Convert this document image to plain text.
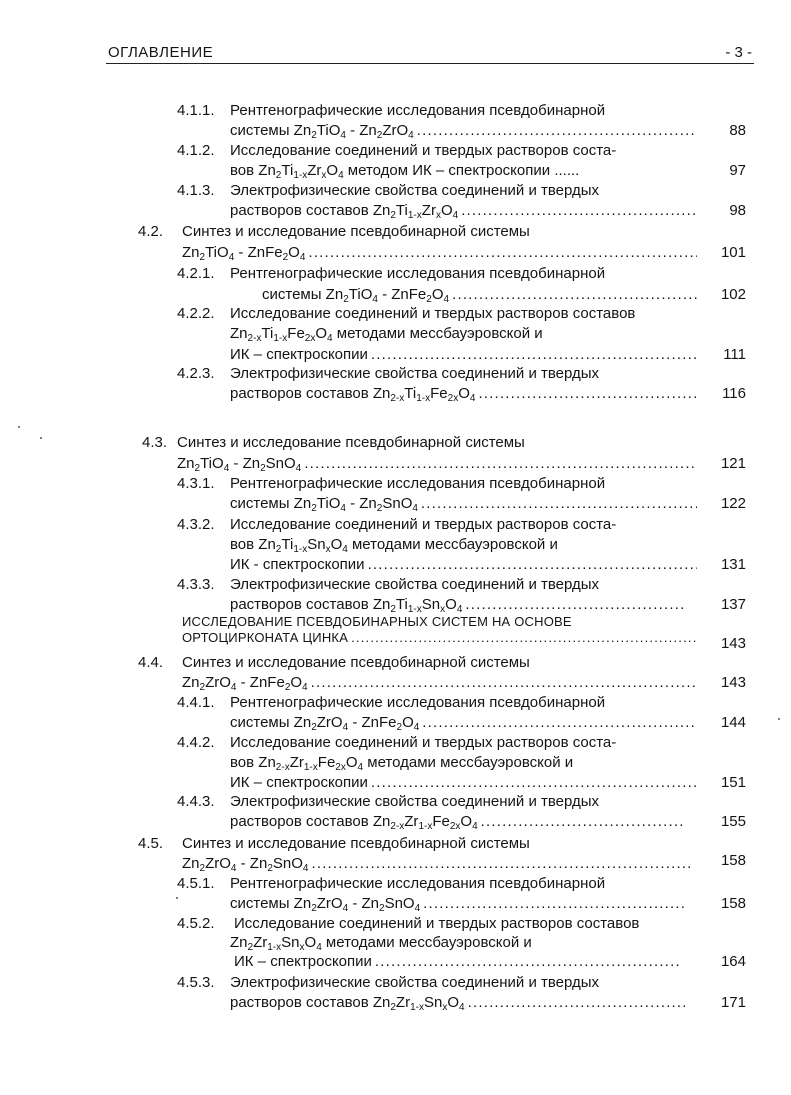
ОГЛАВЛЕНИЕ	- 3 -
4.1.1. Рентгенографические исследования псевдобинарной
системы $Zn_2TiO_4 - Zn_2ZrO_4$ .....	88
4.1.2. Исследование соединений и твердых растворов соста-
вов $Zn_2Ti_{1-x}Zr_xO_4$ методом ИК – спектроскопии ......	97
4.1.3. Электрофизические свойства соединений и твердых
растворов составов $Zn_2Ti_{1-x}Zr_xO_4$ .....	98
4.2. Синтез и исследование псевдобинарной системы
$Zn_2TiO_4$ - $ZnFe_2O_4$ .....	101
4.2.1. Рентгенографические исследования псевдобинарной
системы $Zn_2TiO_4$ - $ZnFe_2O_4$ .....	102
4.2.2. Исследование соединений и твердых растворов составов
$Zn_{2-x}Ti_{1-x}Fe_{2x}O_4$ методами мессбауэровской и
ИК – спектроскопии .....	111
4.2.3. Электрофизические свойства соединений и твердых
растворов составов $Zn_{2-x}Ti_{1-x}Fe_{2x}O_4$ .....	116
4.3. Синтез и исследование псевдобинарной системы
$Zn_2TiO_4 - Zn_2SnO_4$ .....	121
4.3.1. Рентгенографические исследования псевдобинарной
системы $Zn_2TiO_4 - Zn_2SnO_4$ .....	122
4.3.2. Исследование соединений и твердых растворов соста-
вов $Zn_2Ti_{1-x}Sn_xO_4$ методами мессбауэровской и
ИК - спектроскопии .....	131
4.3.3. Электрофизические свойства соединений и твердых
растворов составов $Zn_2Ti_{1-x}Sn_xO_4$ .....	137
ИССЛЕДОВАНИЕ ПСЕВДОБИНАРНЫХ СИСТЕМ НА ОСНОВЕ
ОРТОЦИРКОНАТА ЦИНКА .....	143
4.4. Синтез и исследование псевдобинарной системы
$Zn_2ZrO_4$ - $ZnFe_2O_4$ .....	143
4.4.1. Рентгенографические исследования псевдобинарной
системы $Zn_2ZrO_4$ - $ZnFe_2O_4$ .....	144
4.4.2. Исследование соединений и твердых растворов соста-
вов $Zn_{2-x}Zr_{1-x}Fe_{2x}O_4$ методами мессбауэровской и
ИК – спектроскопии .....	151
4.4.3. Электрофизические свойства соединений и твердых
растворов составов $Zn_{2-x}Zr_{1-x}Fe_{2x}O_4$ .....	155
4.5. Синтез и исследование псевдобинарной системы
$Zn_2ZrO_4 - Zn_2SnO_4$ .....	158
4.5.1. Рентгенографические исследования псевдобинарной
системы $Zn_2ZrO_4 - Zn_2SnO_4$ .....	158
4.5.2. Исследование соединений и твердых растворов составов
$Zn_2Zr_{1-x}Sn_xO_4$ методами мессбауэровской и
ИК – спектроскопии .....	164
4.5.3. Электрофизические свойства соединений и твердых
растворов составов $Zn_2Zr_{1-x}Sn_xO_4$ .....	171
